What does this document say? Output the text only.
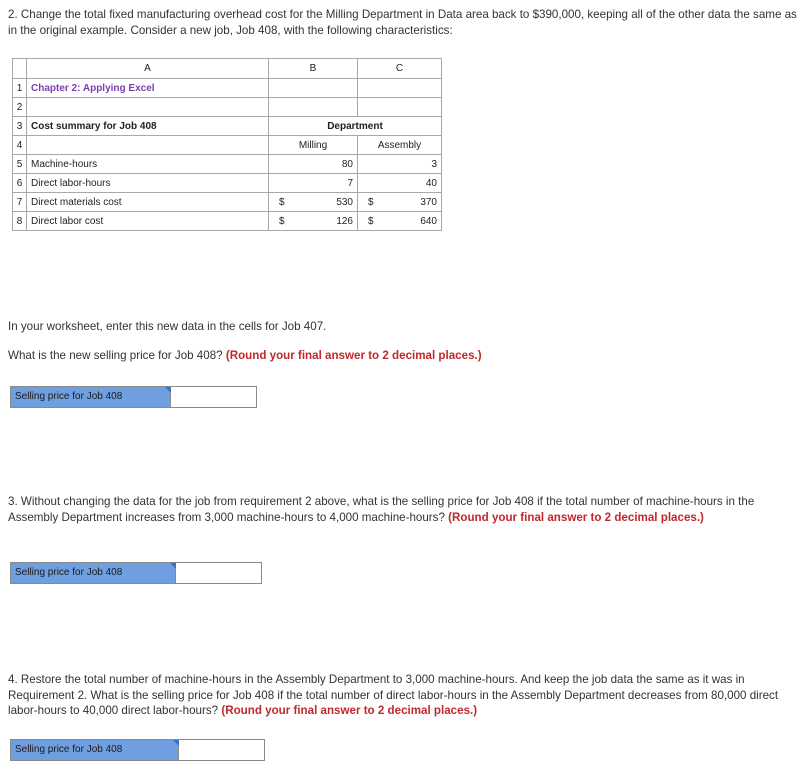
2. Change the total fixed manufacturing overhead cost for the Milling Department in Data area back to $390,000, keeping all of the other data the same as in the original example. Consider a new job, Job 408, with the following characteristics:
	A	B	C
1	Chapter 2: Applying Excel		
2			
3	Cost summary for Job 408	Department	
4		Milling	Assembly
5	Machine-hours	80	3
6	Direct labor-hours	7	40
7	Direct materials cost	$ 530	$ 370

8	Direct labor cost	$ 126	$ 640
In your worksheet, enter this new data in the cells for Job 407.
What is the new selling price for Job 408? (Round your final answer to 2 decimal places.)
Selling price for Job 408
3. Without changing the data for the job from requirement 2 above, what is the selling price for Job 408 if the total number of machine-hours in the Assembly Department increases from 3,000 machine-hours to 4,000 machine-hours? (Round your final answer to 2 decimal places.)
Selling price for Job 408
4. Restore the total number of machine-hours in the Assembly Department to 3,000 machine-hours. And keep the job data the same as it was in Requirement 2. What is the selling price for Job 408 if the total number of direct labor-hours in the Assembly Department decreases from 80,000 direct labor-hours to 40,000 direct labor-hours? (Round your final answer to 2 decimal places.)
Selling price for Job 408
